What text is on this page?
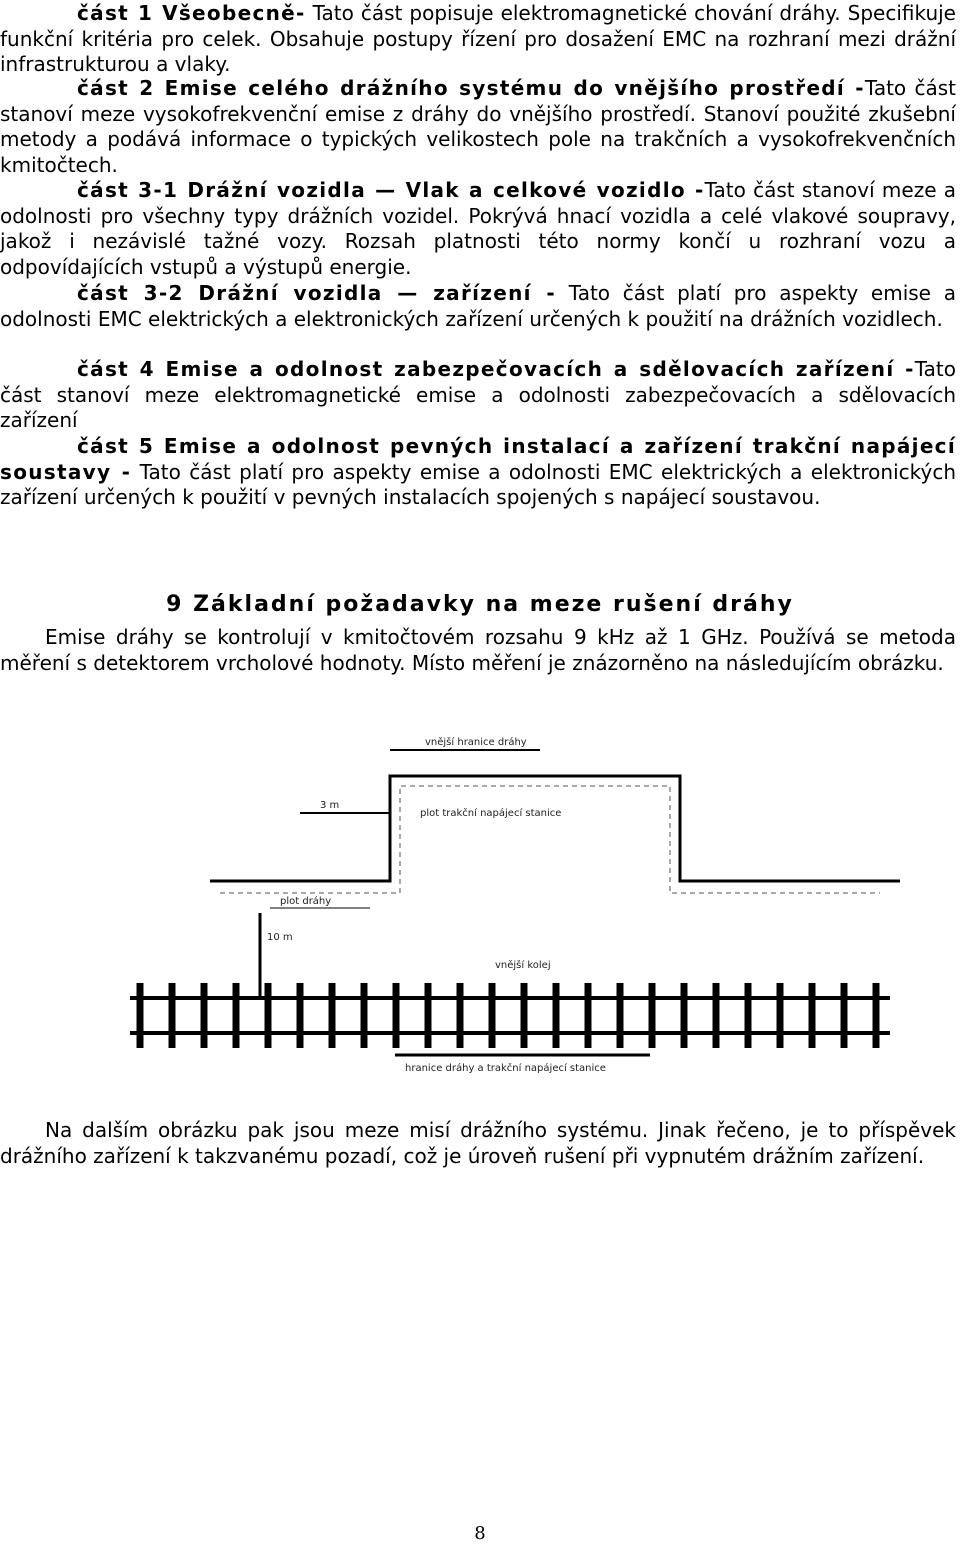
část 1 Všeobecně- Tato část popisuje elektromagnetické chování dráhy. Specifikuje funkční kritéria pro celek. Obsahuje postupy řízení pro dosažení EMC na rozhraní mezi drážní infrastrukturou a vlaky.

část 2 Emise celého drážního systému do vnějšího prostředí -Tato část stanoví meze vysokofrekvenční emise z dráhy do vnějšího prostředí. Stanoví použité zkušební metody a podává informace o typických velikostech pole na trakčních a vysokofrekvenčních kmitočtech.

část 3-1 Drážní vozidla — Vlak a celkové vozidlo -Tato část stanoví meze a odolnosti pro všechny typy drážních vozidel. Pokrývá hnací vozidla a celé vlakové soupravy, jakož i nezávislé tažné vozy. Rozsah platnosti této normy končí u rozhraní vozu a odpovídajících vstupů a výstupů energie.

část 3-2 Drážní vozidla — zařízení - Tato část platí pro aspekty emise a odolnosti EMC elektrických a elektronických zařízení určených k použití na drážních vozidlech.

část 4 Emise a odolnost zabezpečovacích a sdělovacích zařízení -Tato část stanoví meze elektromagnetické emise a odolnosti zabezpečovacích a sdělovacích zařízení

část 5 Emise a odolnost pevných instalací a zařízení trakční napájecí soustavy - Tato část platí pro aspekty emise a odolnosti EMC elektrických a elektronických zařízení určených k použití v pevných instalacích spojených s napájecí soustavou.

9 Základní požadavky na meze rušení dráhy

Emise dráhy se kontrolují v kmitočtovém rozsahu 9 kHz až 1 GHz. Používá se metoda měření s detektorem vrcholové hodnoty. Místo měření je znázorněno na následujícím obrázku.

vnější hranice dráhy
3 m
plot trakční napájecí stanice
plot dráhy
10 m
vnější kolej
hranice dráhy a trakční napájecí stanice

Na dalším obrázku pak jsou meze misí drážního systému. Jinak řečeno, je to příspěvek drážního zařízení k takzvanému pozadí, což je úroveň rušení při vypnutém drážním zařízení.

8
